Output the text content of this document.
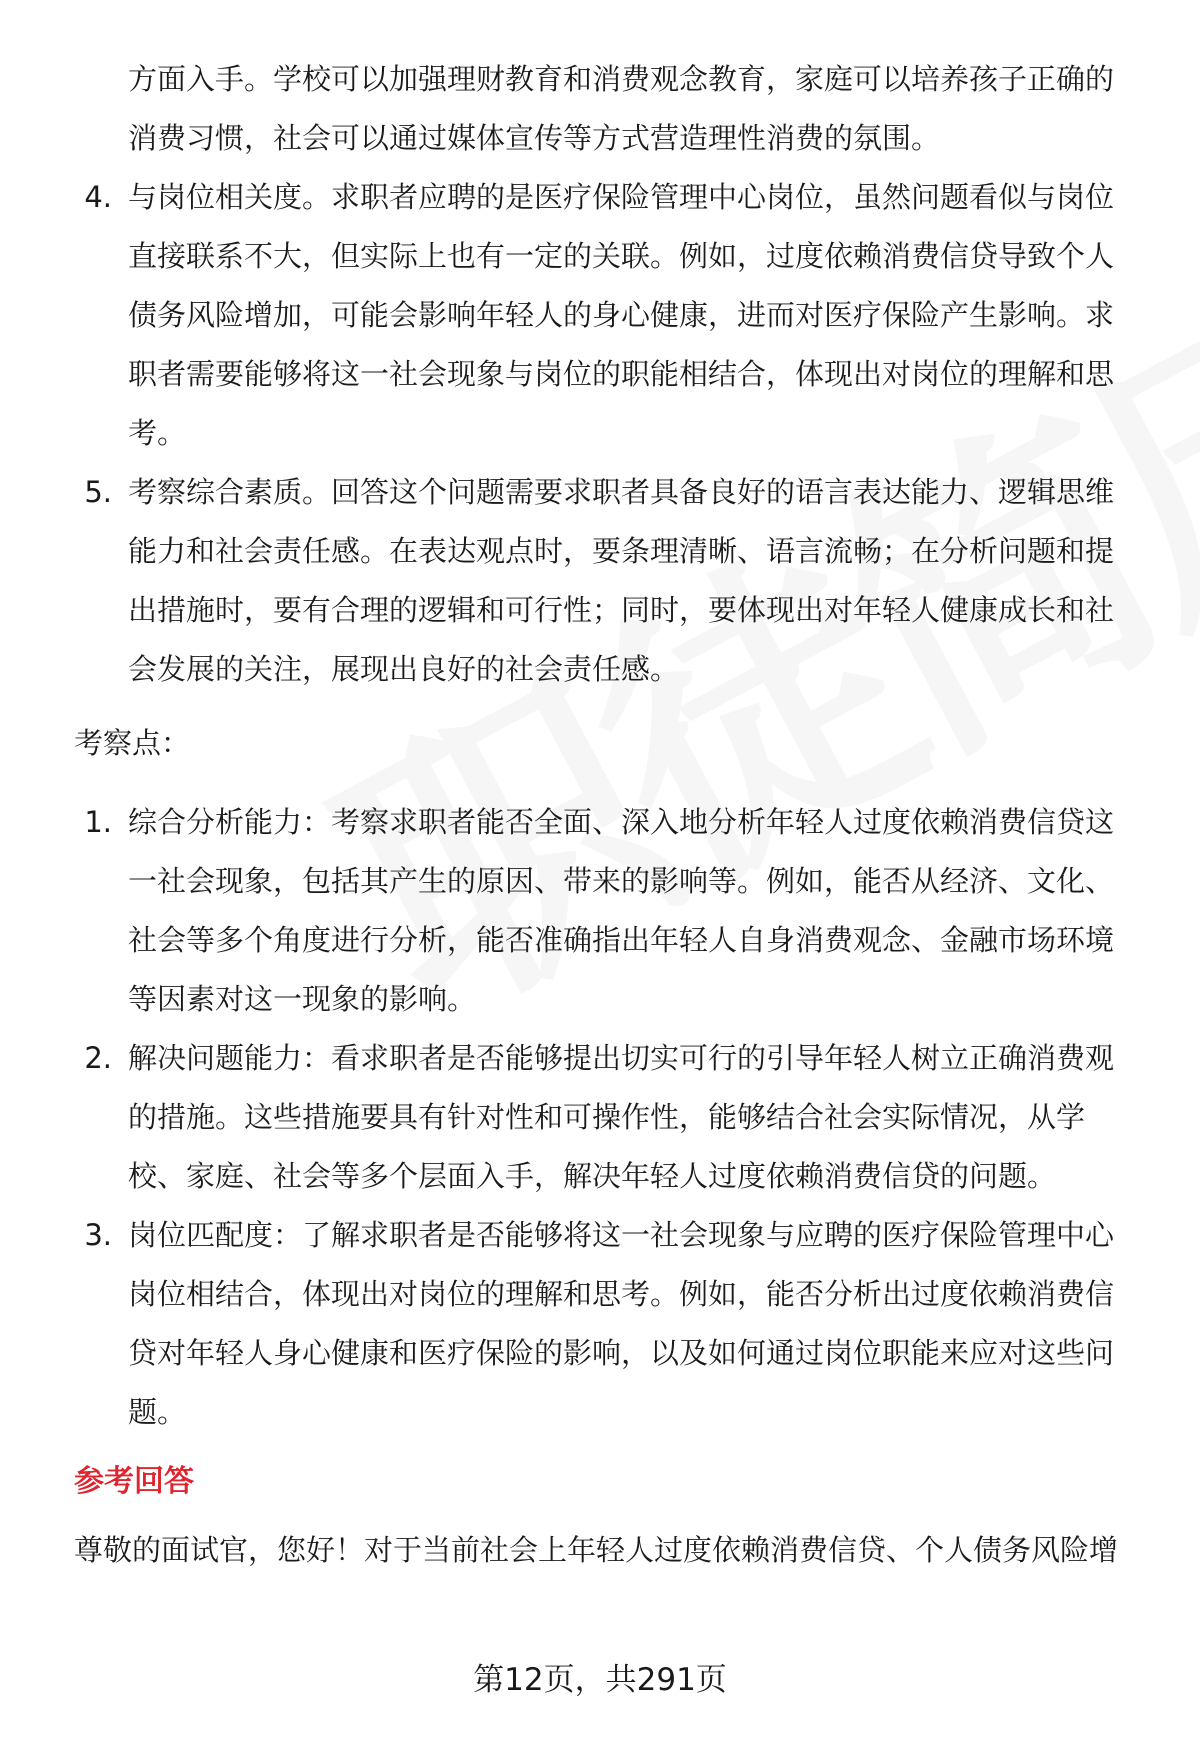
方面入手。学校可以加强理财教育和消费观念教育，家庭可以培养孩子正确的
消费习惯，社会可以通过媒体宣传等方式营造理性消费的氛围。
4. 与岗位相关度。求职者应聘的是医疗保险管理中心岗位，虽然问题看似与岗位
直接联系不大，但实际上也有一定的关联。例如，过度依赖消费信贷导致个人
债务风险增加，可能会影响年轻人的身心健康，进而对医疗保险产生影响。求
职者需要能够将这一社会现象与岗位的职能相结合，体现出对岗位的理解和思
考。
5. 考察综合素质。回答这个问题需要求职者具备良好的语言表达能力、逻辑思维
能力和社会责任感。在表达观点时，要条理清晰、语言流畅；在分析问题和提
出措施时，要有合理的逻辑和可行性；同时，要体现出对年轻人健康成长和社
会发展的关注，展现出良好的社会责任感。
考察点：
1. 综合分析能力：考察求职者能否全面、深入地分析年轻人过度依赖消费信贷这
一社会现象，包括其产生的原因、带来的影响等。例如，能否从经济、文化、
社会等多个角度进行分析，能否准确指出年轻人自身消费观念、金融市场环境
等因素对这一现象的影响。
2. 解决问题能力：看求职者是否能够提出切实可行的引导年轻人树立正确消费观
的措施。这些措施要具有针对性和可操作性，能够结合社会实际情况，从学
校、家庭、社会等多个层面入手，解决年轻人过度依赖消费信贷的问题。
3. 岗位匹配度：了解求职者是否能够将这一社会现象与应聘的医疗保险管理中心
岗位相结合，体现出对岗位的理解和思考。例如，能否分析出过度依赖消费信
贷对年轻人身心健康和医疗保险的影响，以及如何通过岗位职能来应对这些问
题。
参考回答
尊敬的面试官，您好！对于当前社会上年轻人过度依赖消费信贷、个人债务风险增
第12页，共291页
